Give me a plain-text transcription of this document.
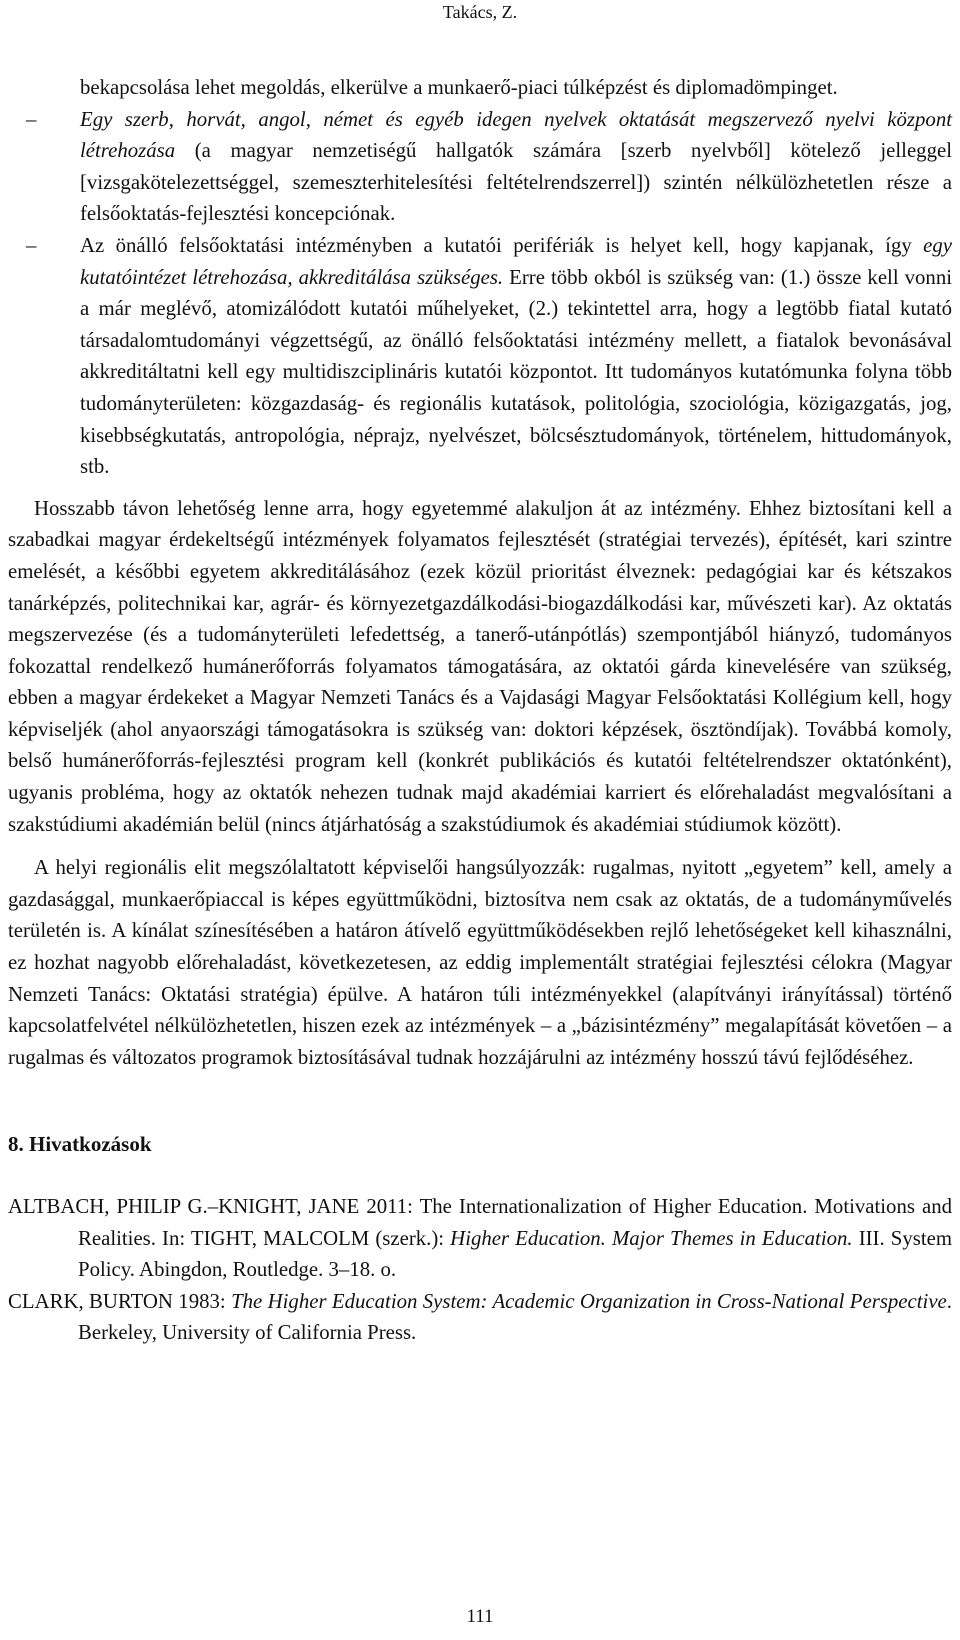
Takács, Z.

bekapcsolása lehet megoldás, elkerülve a munkaerő-piaci túlképzést és diplomadömpinget.

– Egy szerb, horvát, angol, német és egyéb idegen nyelvek oktatását megszervező nyelvi központ létrehozása (a magyar nemzetiségű hallgatók számára [szerb nyelvből] kötelező jelleggel [vizsgakötelezettséggel, szemeszterhitelesítési feltételrendszerrel]) szintén nélkülözhetetlen része a felsőoktatás-fejlesztési koncepciónak.

– Az önálló felsőoktatási intézményben a kutatói perifériák is helyet kell, hogy kapjanak, így egy kutatóintézet létrehozása, akkreditálása szükséges. Erre több okból is szükség van: (1.) össze kell vonni a már meglévő, atomizálódott kutatói műhelyeket, (2.) tekintettel arra, hogy a legtöbb fiatal kutató társadalomtudományi végzettségű, az önálló felsőoktatási intézmény mellett, a fiatalok bevonásával akkreditáltatni kell egy multidiszciplináris kutatói központot. Itt tudományos kutatómunka folyna több tudományterületen: közgazdaság- és regionális kutatások, politológia, szociológia, közigazgatás, jog, kisebbségkutatás, antropológia, néprajz, nyelvészet, bölcsésztudományok, történelem, hittudományok, stb.

Hosszabb távon lehetőség lenne arra, hogy egyetemmé alakuljon át az intézmény. Ehhez biztosítani kell a szabadkai magyar érdekeltségű intézmények folyamatos fejlesztését (stratégiai tervezés), építését, kari szintre emelését, a későbbi egyetem akkreditálásához (ezek közül prioritást élveznek: pedagógiai kar és kétszakos tanárképzés, politechnikai kar, agrár- és környezetgazdálkodási-biogazdálkodási kar, művészeti kar). Az oktatás megszervezése (és a tudományterületi lefedettség, a tanerő-utánpótlás) szempontjából hiányzó, tudományos fokozattal rendelkező humánerőforrás folyamatos támogatására, az oktatói gárda kinevelésére van szükség, ebben a magyar érdekeket a Magyar Nemzeti Tanács és a Vajdasági Magyar Felsőoktatási Kollégium kell, hogy képviseljék (ahol anyaországi támogatásokra is szükség van: doktori képzések, ösztöndíjak). Továbbá komoly, belső humánerőforrás-fejlesztési program kell (konkrét publikációs és kutatói feltételrendszer oktatónként), ugyanis probléma, hogy az oktatók nehezen tudnak majd akadémiai karriert és előrehaladást megvalósítani a szakstúdiumi akadémián belül (nincs átjárhatóság a szakstúdiumok és akadémiai stúdiumok között).

A helyi regionális elit megszólaltatott képviselői hangsúlyozzák: rugalmas, nyitott „egyetem” kell, amely a gazdasággal, munkaerőpiaccal is képes együttműködni, biztosítva nem csak az oktatás, de a tudományművelés területén is. A kínálat színesítésében a határon átívelő együttműködésekben rejlő lehetőségeket kell kihasználni, ez hozhat nagyobb előrehaladást, következetesen, az eddig implementált stratégiai fejlesztési célokra (Magyar Nemzeti Tanács: Oktatási stratégia) épülve. A határon túli intézményekkel (alapítványi irányítással) történő kapcsolatfelvétel nélkülözhetetlen, hiszen ezek az intézmények – a „bázisintézmény” megalapítását követően – a rugalmas és változatos programok biztosításával tudnak hozzájárulni az intézmény hosszú távú fejlődéséhez.

8. Hivatkozások

ALTBACH, PHILIP G.–KNIGHT, JANE 2011: The Internationalization of Higher Education. Motivations and Realities. In: TIGHT, MALCOLM (szerk.): Higher Education. Major Themes in Education. III. System Policy. Abingdon, Routledge. 3–18. o.

CLARK, BURTON 1983: The Higher Education System: Academic Organization in Cross-National Perspective. Berkeley, University of California Press.

111
